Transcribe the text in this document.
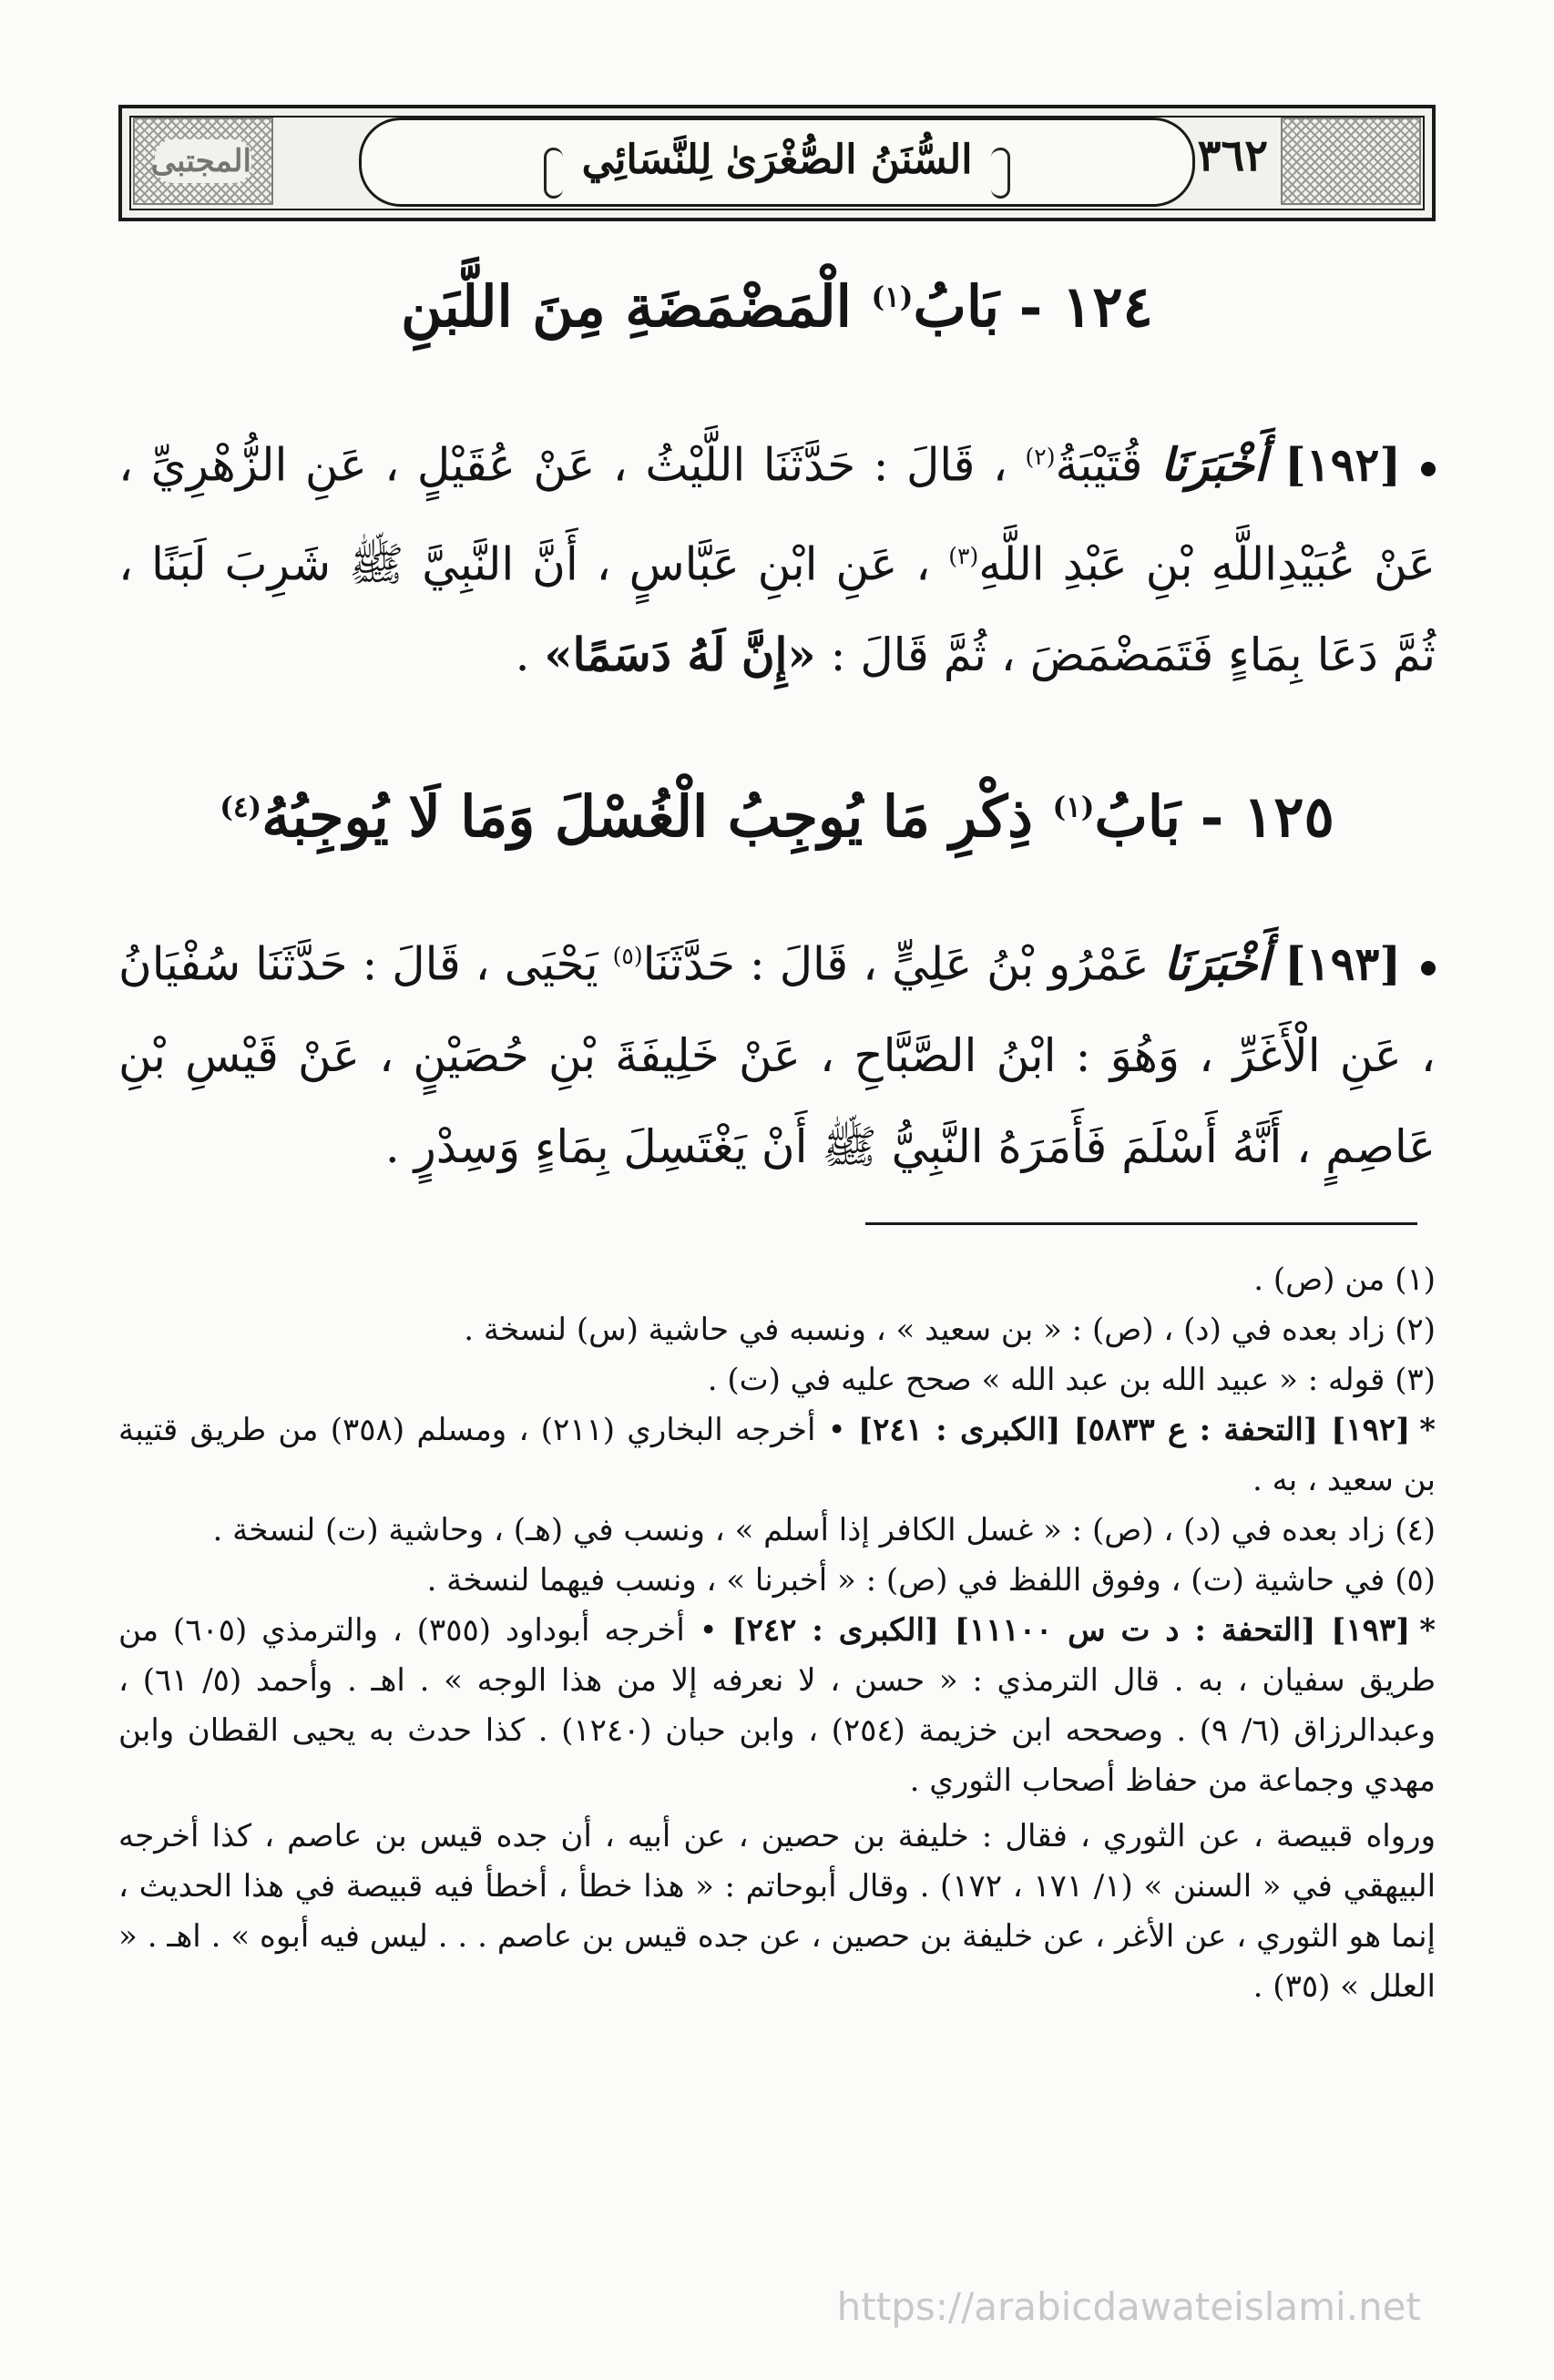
المجتبى	السُّنَنُ الصُّغْرَىٰ لِلنَّسَائِي	٣٦٢
١٢٤ - بَابُ$^{(١)}$ الْمَضْمَضَةِ مِنَ اللَّبَنِ
[١٩٢] أَخْبَرَنَا قُتَيْبَةُ$^{(٢)}$ ، قَالَ : حَدَّثَنَا اللَّيْثُ ، عَنْ عُقَيْلٍ ، عَنِ الزُّهْرِيِّ ، عَنْ عُبَيْدِاللَّهِ بْنِ عَبْدِ اللَّهِ$^{(٣)}$ ، عَنِ ابْنِ عَبَّاسٍ ، أَنَّ النَّبِيَّ ﷺ شَرِبَ لَبَنًا ، ثُمَّ دَعَا بِمَاءٍ فَتَمَضْمَضَ ، ثُمَّ قَالَ : «إِنَّ لَهُ دَسَمًا» .
١٢٥ - بَابُ$^{(١)}$ ذِكْرِ مَا يُوجِبُ الْغُسْلَ وَمَا لَا يُوجِبُهُ$^{(٤)}$
[١٩٣] أَخْبَرَنَا عَمْرُو بْنُ عَلِيٍّ ، قَالَ : حَدَّثَنَا$^{(٥)}$ يَحْيَى ، قَالَ : حَدَّثَنَا سُفْيَانُ ، عَنِ الْأَغَرِّ ، وَهُوَ : ابْنُ الصَّبَّاحِ ، عَنْ خَلِيفَةَ بْنِ حُصَيْنٍ ، عَنْ قَيْسِ بْنِ عَاصِمٍ ، أَنَّهُ أَسْلَمَ فَأَمَرَهُ النَّبِيُّ ﷺ أَنْ يَغْتَسِلَ بِمَاءٍ وَسِدْرٍ .
(١) من (ص) .
(٢) زاد بعده في (د) ، (ص) : « بن سعيد » ، ونسبه في حاشية (س) لنسخة .
(٣) قوله : « عبيد الله بن عبد الله » صحح عليه في (ت) .
*[١٩٢] [التحفة : ع ٥٨٣٣] [الكبرى : ٢٤١] • أخرجه البخاري (٢١١) ، ومسلم (٣٥٨) من طريق قتيبة بن سعيد ، به .
(٤) زاد بعده في (د) ، (ص) : « غسل الكافر إذا أسلم » ، ونسب في (هـ) ، وحاشية (ت) لنسخة .
(٥) في حاشية (ت) ، وفوق اللفظ في (ص) : « أخبرنا » ، ونسب فيهما لنسخة .
*[١٩٣] [التحفة : د ت س ١١١٠٠] [الكبرى : ٢٤٢] • أخرجه أبوداود (٣٥٥) ، والترمذي (٦٠٥) من طريق سفيان ، به . قال الترمذي : « حسن ، لا نعرفه إلا من هذا الوجه » . اهـ . وأحمد (٥/ ٦١) ، وعبدالرزاق (٦/ ٩) . وصححه ابن خزيمة (٢٥٤) ، وابن حبان (١٢٤٠) . كذا حدث به يحيى القطان وابن مهدي وجماعة من حفاظ أصحاب الثوري .
ورواه قبيصة ، عن الثوري ، فقال : خليفة بن حصين ، عن أبيه ، أن جده قيس بن عاصم ، كذا أخرجه البيهقي في « السنن » (١/ ١٧١ ، ١٧٢) . وقال أبوحاتم : « هذا خطأ ، أخطأ فيه قبيصة في هذا الحديث ، إنما هو الثوري ، عن الأغر ، عن خليفة بن حصين ، عن جده قيس بن عاصم . . . ليس فيه أبوه » . اهـ . « العلل » (٣٥) .
https://arabicdawateislami.net
